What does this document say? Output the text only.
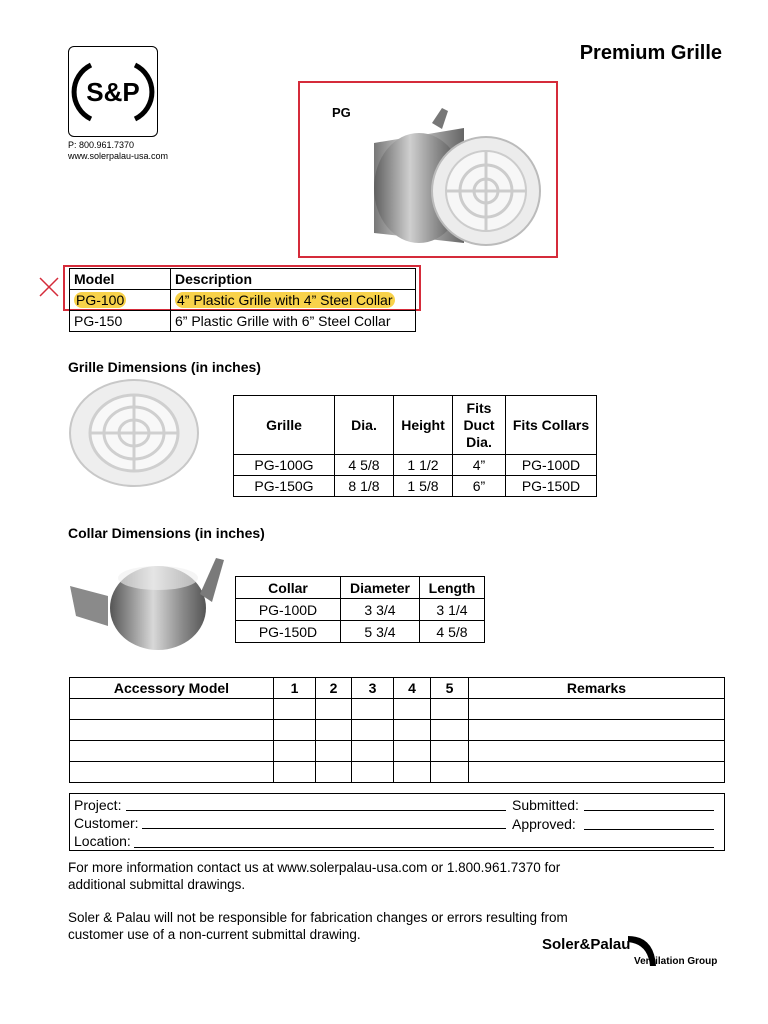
S&P
P: 800.961.7370
www.solerpalau-usa.com
Premium Grille
PG
Model	Description
PG-100	4” Plastic Grille with 4” Steel Collar
PG-150	6” Plastic Grille with 6” Steel Collar
Grille Dimensions (in inches)
Grille	Dia.	Height	Fits Duct Dia.	Fits Collars
PG-100G	4 5/8	1 1/2	4”	PG-100D
PG-150G	8 1/8	1 5/8	6”	PG-150D
Collar Dimensions (in inches)
Collar	Diameter	Length
PG-100D	3 3/4	3 1/4
PG-150D	5 3/4	4 5/8
Accessory Model	1	2	3	4	5	Remarks

Project:
Customer:
Location:
Submitted:
Approved:
For more information contact us at www.solerpalau-usa.com or 1.800.961.7370 for
additional submittal drawings.
Soler & Palau will not be responsible for fabrication changes or errors resulting from
customer use of a non-current submittal drawing.
Soler&Palau
Ventilation Group
